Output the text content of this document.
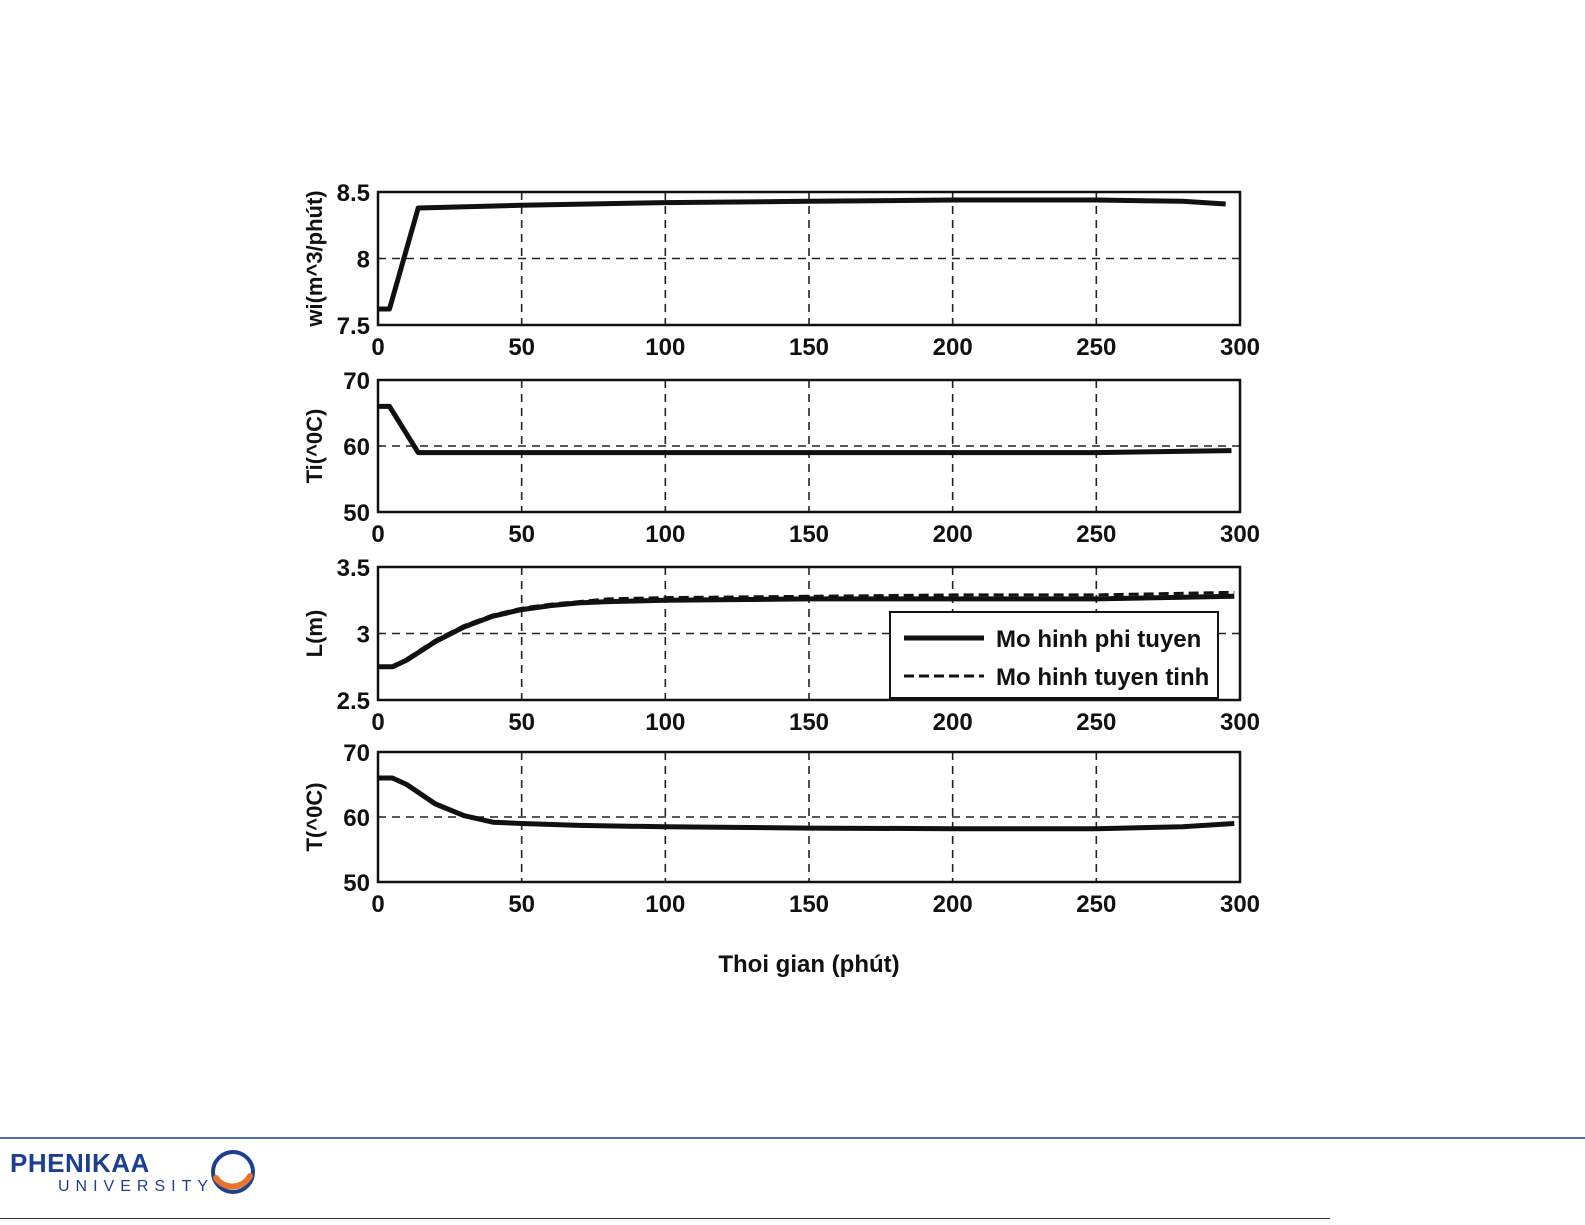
0	50	100	150	200	250	300
7.5
8
8.5
wi(m^3/phút)
0	50	100	150	200	250	300
50
60
70
Ti(^0C)
0	50	100	150	200	250	300
2.5
3
3.5
L(m)	Mo hinh phi tuyen
Mo hinh tuyen tinh
0	50	100	150	200	250	300
50
60
70
T(^0C)
Thoi gian (phút)
PHENIKAA
UNIVERSITY
